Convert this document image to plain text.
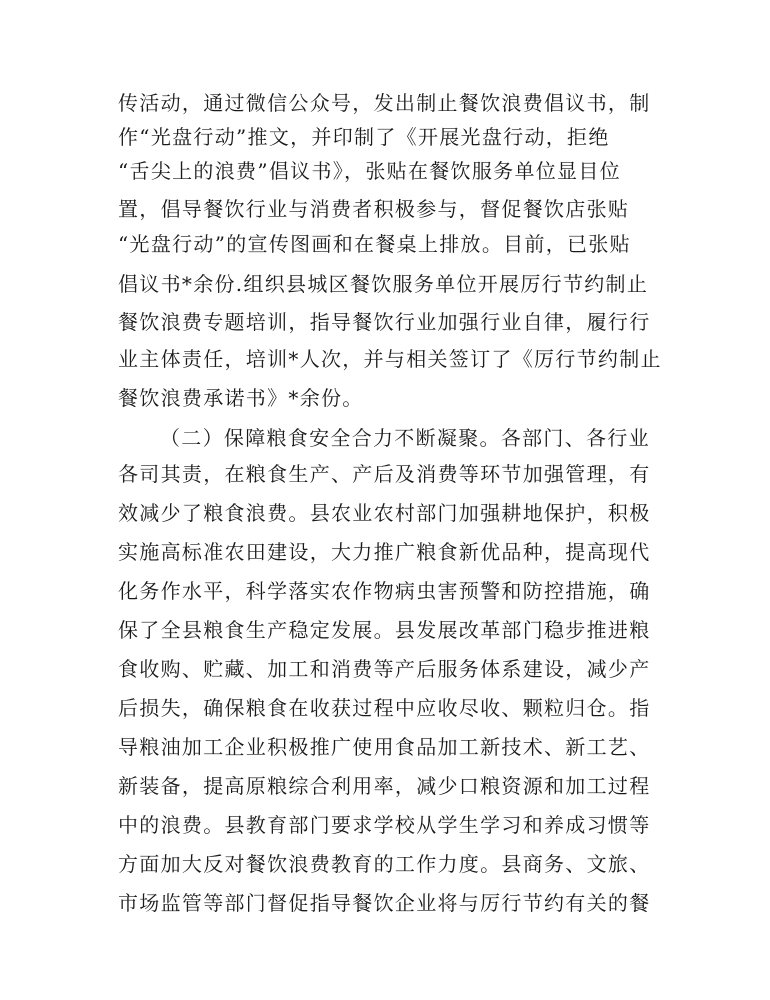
传活动，通过微信公众号，发出制止餐饮浪费倡议书，制
作“光盘行动”推文，并印制了《开展光盘行动，拒绝
“舌尖上的浪费”倡议书》，张贴在餐饮服务单位显目位
置，倡导餐饮行业与消费者积极参与，督促餐饮店张贴
“光盘行动”的宣传图画和在餐桌上排放。目前，已张贴
倡议书*余份.组织县城区餐饮服务单位开展厉行节约制止
餐饮浪费专题培训，指导餐饮行业加强行业自律，履行行
业主体责任，培训*人次，并与相关签订了《厉行节约制止
餐饮浪费承诺书》*余份。
（二）保障粮食安全合力不断凝聚。各部门、各行业
各司其责，在粮食生产、产后及消费等环节加强管理，有
效减少了粮食浪费。县农业农村部门加强耕地保护，积极
实施高标准农田建设，大力推广粮食新优品种，提高现代
化务作水平，科学落实农作物病虫害预警和防控措施，确
保了全县粮食生产稳定发展。县发展改革部门稳步推进粮
食收购、贮藏、加工和消费等产后服务体系建设，减少产
后损失，确保粮食在收获过程中应收尽收、颗粒归仓。指
导粮油加工企业积极推广使用食品加工新技术、新工艺、
新装备，提高原粮综合利用率，减少口粮资源和加工过程
中的浪费。县教育部门要求学校从学生学习和养成习惯等
方面加大反对餐饮浪费教育的工作力度。县商务、文旅、
市场监管等部门督促指导餐饮企业将与厉行节约有关的餐
